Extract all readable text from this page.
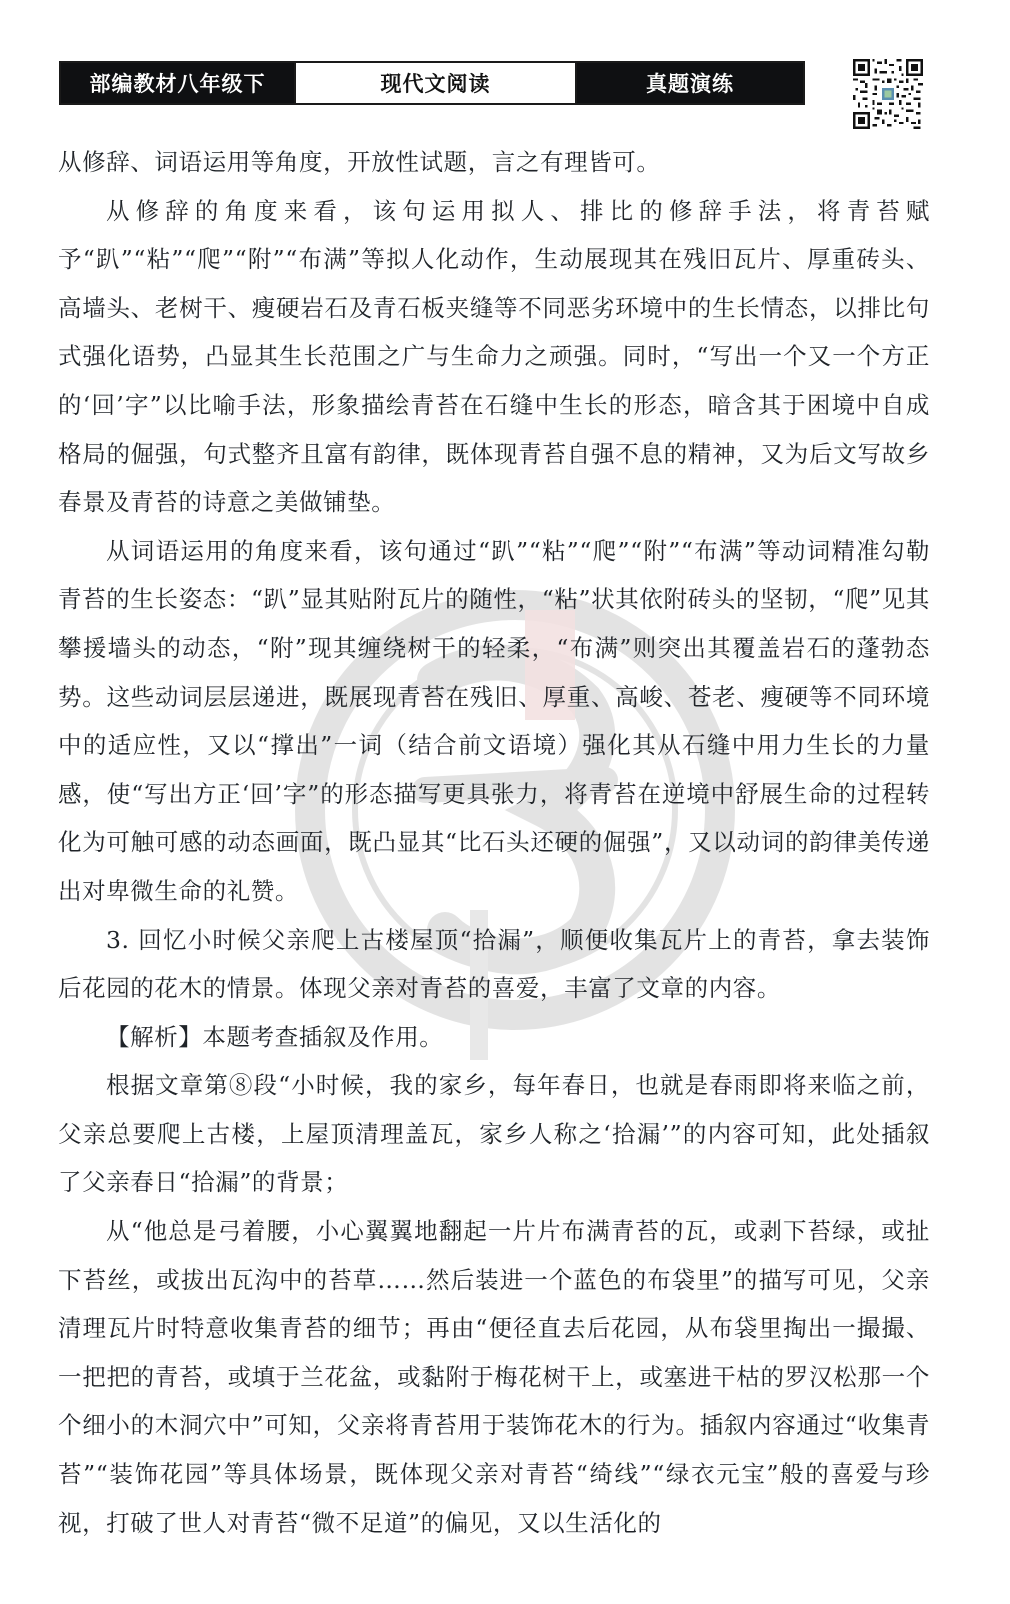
部编教材八年级下	现代文阅读	真题演练

从修辞、词语运用等角度，开放性试题，言之有理皆可。

从修辞的角度来看，该句运用拟人、排比的修辞手法，将青苔赋予“趴”“粘”“爬”“附”“布满”等拟人化动作，生动展现其在残旧瓦片、厚重砖头、高墙头、老树干、瘦硬岩石及青石板夹缝等不同恶劣环境中的生长情态，以排比句式强化语势，凸显其生长范围之广与生命力之顽强。同时，“写出一个又一个方正的‘回’字”以比喻手法，形象描绘青苔在石缝中生长的形态，暗含其于困境中自成格局的倔强，句式整齐且富有韵律，既体现青苔自强不息的精神，又为后文写故乡春景及青苔的诗意之美做铺垫。

从词语运用的角度来看，该句通过“趴”“粘”“爬”“附”“布满”等动词精准勾勒青苔的生长姿态：“趴”显其贴附瓦片的随性，“粘”状其依附砖头的坚韧，“爬”见其攀援墙头的动态，“附”现其缠绕树干的轻柔，“布满”则突出其覆盖岩石的蓬勃态势。这些动词层层递进，既展现青苔在残旧、厚重、高峻、苍老、瘦硬等不同环境中的适应性，又以“撑出”一词（结合前文语境）强化其从石缝中用力生长的力量感，使“写出方正‘回’字”的形态描写更具张力，将青苔在逆境中舒展生命的过程转化为可触可感的动态画面，既凸显其“比石头还硬的倔强”，又以动词的韵律美传递出对卑微生命的礼赞。

3. 回忆小时候父亲爬上古楼屋顶“拾漏”，顺便收集瓦片上的青苔，拿去装饰后花园的花木的情景。体现父亲对青苔的喜爱，丰富了文章的内容。

【解析】本题考查插叙及作用。

根据文章第⑧段“小时候，我的家乡，每年春日，也就是春雨即将来临之前，父亲总要爬上古楼，上屋顶清理盖瓦，家乡人称之‘拾漏’”的内容可知，此处插叙了父亲春日“拾漏”的背景；

从“他总是弓着腰，小心翼翼地翻起一片片布满青苔的瓦，或剥下苔绿，或扯下苔丝，或拔出瓦沟中的苔草……然后装进一个蓝色的布袋里”的描写可见，父亲清理瓦片时特意收集青苔的细节；再由“便径直去后花园，从布袋里掏出一撮撮、一把把的青苔，或填于兰花盆，或黏附于梅花树干上，或塞进干枯的罗汉松那一个个细小的木洞穴中”可知，父亲将青苔用于装饰花木的行为。插叙内容通过“收集青苔”“装饰花园”等具体场景，既体现父亲对青苔“绮线”“绿衣元宝”般的喜爱与珍视，打破了世人对青苔“微不足道”的偏见，又以生活化的
